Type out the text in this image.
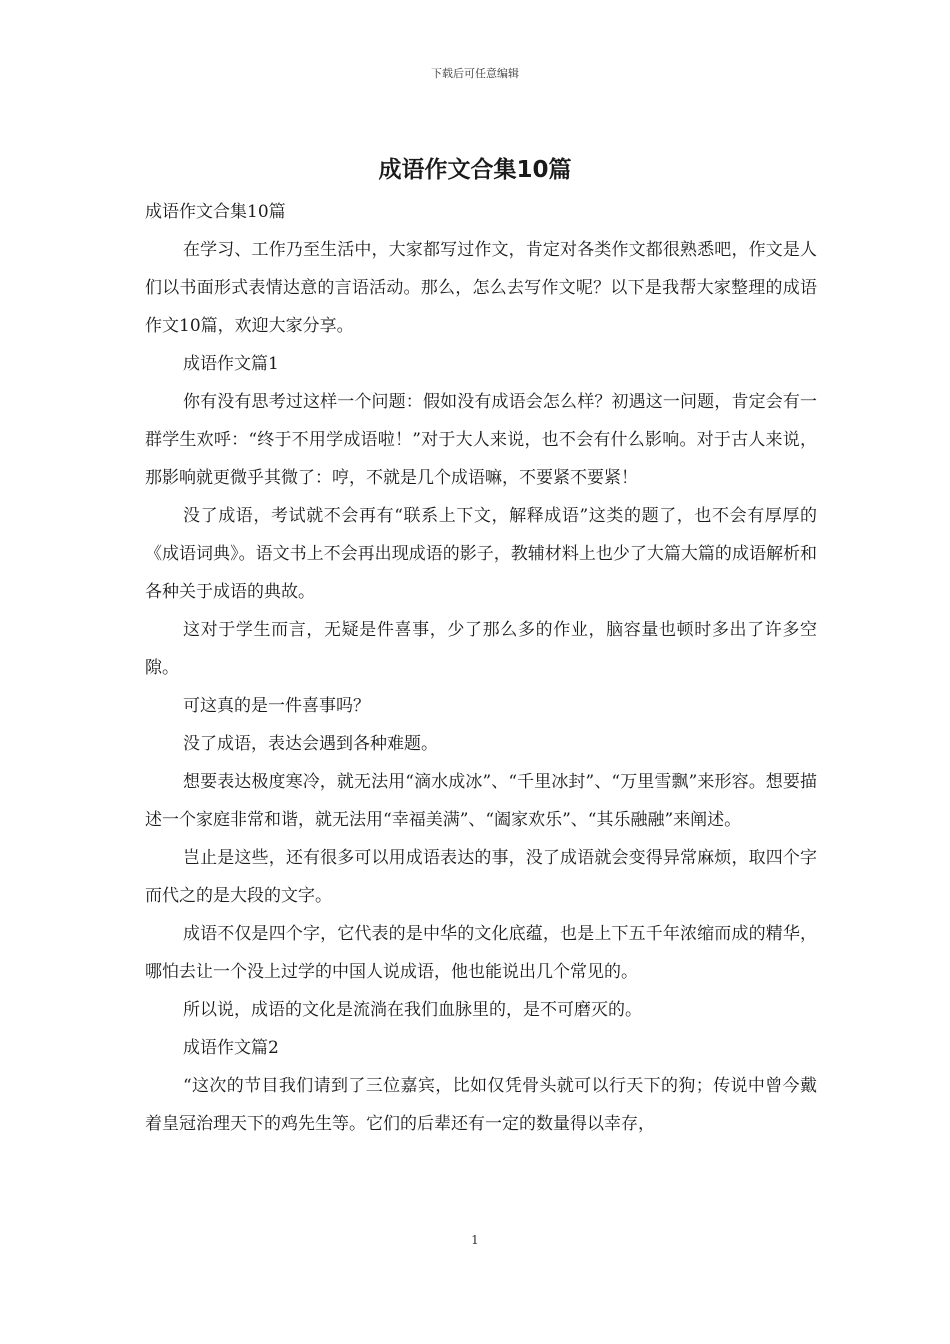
下载后可任意编辑
成语作文合集10篇

成语作文合集10篇

在学习、工作乃至生活中，大家都写过作文，肯定对各类作文都很熟悉吧，作文是人们以书面形式表情达意的言语活动。那么，怎么去写作文呢？以下是我帮大家整理的成语作文10篇，欢迎大家分享。

成语作文篇1

你有没有思考过这样一个问题：假如没有成语会怎么样？初遇这一问题，肯定会有一群学生欢呼：“终于不用学成语啦！”对于大人来说，也不会有什么影响。对于古人来说，那影响就更微乎其微了：哼，不就是几个成语嘛，不要紧不要紧！

没了成语，考试就不会再有“联系上下文，解释成语”这类的题了，也不会有厚厚的《成语词典》。语文书上不会再出现成语的影子，教辅材料上也少了大篇大篇的成语解析和各种关于成语的典故。

这对于学生而言，无疑是件喜事，少了那么多的作业，脑容量也顿时多出了许多空隙。

可这真的是一件喜事吗？

没了成语，表达会遇到各种难题。

想要表达极度寒冷，就无法用“滴水成冰”、“千里冰封”、“万里雪飘”来形容。想要描述一个家庭非常和谐，就无法用“幸福美满”、“阖家欢乐”、“其乐融融”来阐述。

岂止是这些，还有很多可以用成语表达的事，没了成语就会变得异常麻烦，取四个字而代之的是大段的文字。

成语不仅是四个字，它代表的是中华的文化底蕴，也是上下五千年浓缩而成的精华，哪怕去让一个没上过学的中国人说成语，他也能说出几个常见的。

所以说，成语的文化是流淌在我们血脉里的，是不可磨灭的。

成语作文篇2

“这次的节目我们请到了三位嘉宾，比如仅凭骨头就可以行天下的狗；传说中曾今戴着皇冠治理天下的鸡先生等。它们的后辈还有一定的数量得以幸存，

1
